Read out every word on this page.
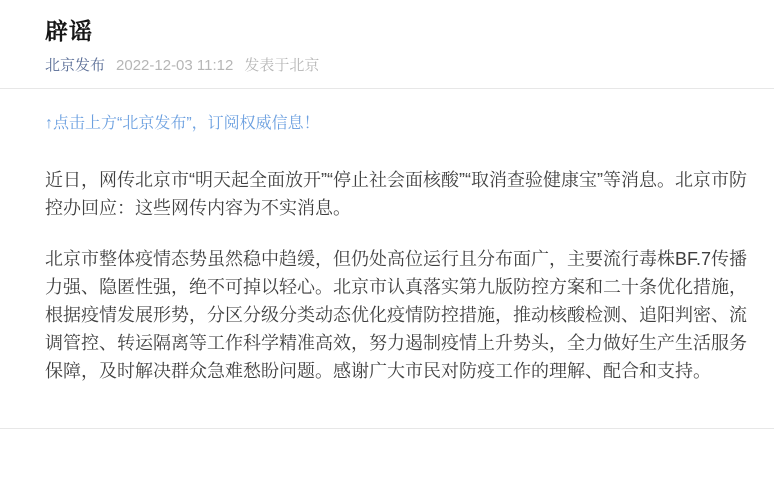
辟谣
北京发布 2022-12-03 11:12 发表于北京

↑点击上方“北京发布”，订阅权威信息！

近日，网传北京市“明天起全面放开”“停止社会面核酸”“取消查验健康宝”等消息。北京市防控办回应：这些网传内容为不实消息。

北京市整体疫情态势虽然稳中趋缓，但仍处高位运行且分布面广，主要流行毒株BF.7传播力强、隐匿性强，绝不可掉以轻心。北京市认真落实第九版防控方案和二十条优化措施，根据疫情发展形势，分区分级分类动态优化疫情防控措施，推动核酸检测、追阳判密、流调管控、转运隔离等工作科学精准高效，努力遏制疫情上升势头，全力做好生产生活服务保障，及时解决群众急难愁盼问题。感谢广大市民对防疫工作的理解、配合和支持。
